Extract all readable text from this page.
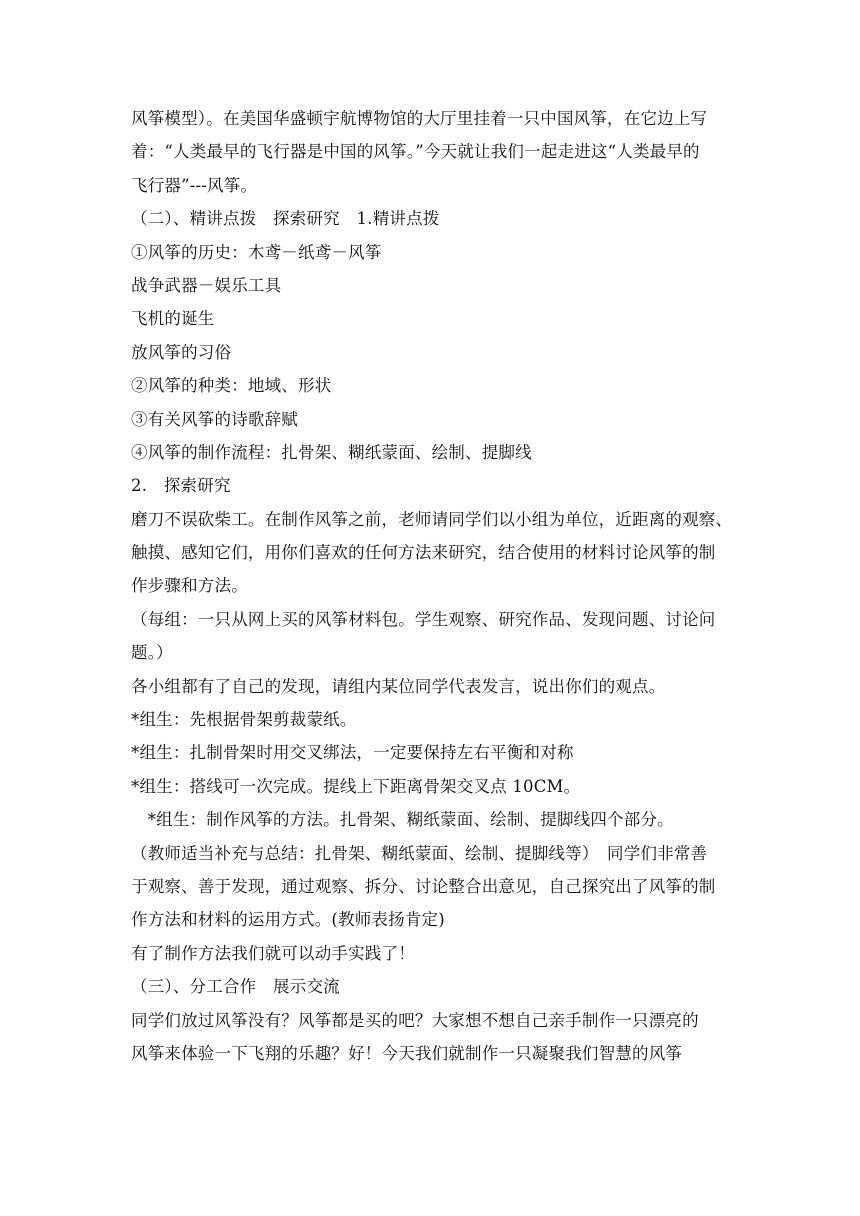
风筝模型）。在美国华盛顿宇航博物馆的大厅里挂着一只中国风筝，在它边上写
着：“人类最早的飞行器是中国的风筝。”今天就让我们一起走进这“人类最早的
飞行器”---风筝。
（二）、精讲点拨　探索研究　1.精讲点拨
①风筝的历史：木鸢－纸鸢－风筝
战争武器－娱乐工具
飞机的诞生
放风筝的习俗
②风筝的种类：地域、形状
③有关风筝的诗歌辞赋
④风筝的制作流程：扎骨架、糊纸蒙面、绘制、提脚线
2.　探索研究
磨刀不误砍柴工。在制作风筝之前，老师请同学们以小组为单位，近距离的观察、
触摸、感知它们，用你们喜欢的任何方法来研究，结合使用的材料讨论风筝的制
作步骤和方法。
（每组：一只从网上买的风筝材料包。学生观察、研究作品、发现问题、讨论问
题。）
各小组都有了自己的发现，请组内某位同学代表发言，说出你们的观点。
*组生：先根据骨架剪裁蒙纸。
*组生：扎制骨架时用交叉绑法，一定要保持左右平衡和对称
*组生：搭线可一次完成。提线上下距离骨架交叉点 10CM。
　*组生：制作风筝的方法。扎骨架、糊纸蒙面、绘制、提脚线四个部分。
（教师适当补充与总结：扎骨架、糊纸蒙面、绘制、提脚线等）　同学们非常善
于观察、善于发现，通过观察、拆分、讨论整合出意见，自己探究出了风筝的制
作方法和材料的运用方式。(教师表扬肯定)
有了制作方法我们就可以动手实践了！
（三）、分工合作　展示交流
同学们放过风筝没有？风筝都是买的吧？大家想不想自己亲手制作一只漂亮的
风筝来体验一下飞翔的乐趣？好！今天我们就制作一只凝聚我们智慧的风筝
